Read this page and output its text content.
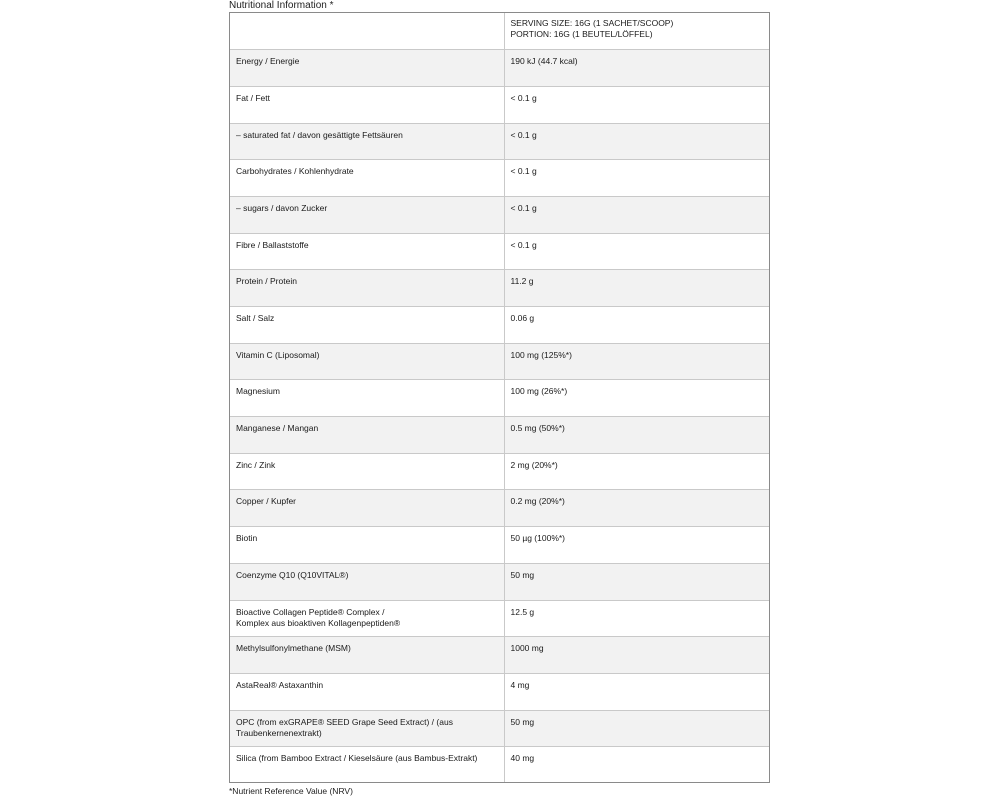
Nutritional Information *
	SERVING SIZE: 16G (1 SACHET/SCOOP)
PORTION: 16G (1 BEUTEL/LÖFFEL)
Energy / Energie	190 kJ (44.7 kcal)
Fat / Fett	< 0.1 g
– saturated fat / davon gesättigte Fettsäuren	< 0.1 g
Carbohydrates / Kohlenhydrate	< 0.1 g
– sugars / davon Zucker	< 0.1 g
Fibre / Ballaststoffe	< 0.1 g
Protein / Protein	11.2 g
Salt / Salz	0.06 g
Vitamin C (Liposomal)	100 mg (125%*)
Magnesium	100 mg (26%*)
Manganese / Mangan	0.5 mg (50%*)
Zinc / Zink	2 mg (20%*)
Copper / Kupfer	0.2 mg (20%*)
Biotin	50 µg (100%*)
Coenzyme Q10 (Q10VITAL®)	50 mg
Bioactive Collagen Peptide® Complex /
Komplex aus bioaktiven Kollagenpeptiden®	12.5 g
Methylsulfonylmethane (MSM)	1000 mg
AstaReal® Astaxanthin	4 mg
OPC (from exGRAPE® SEED Grape Seed Extract) / (aus
Traubenkernenextrakt)	50 mg
Silica (from Bamboo Extract / Kieselsäure (aus Bambus-Extrakt)	40 mg
*Nutrient Reference Value (NRV)
